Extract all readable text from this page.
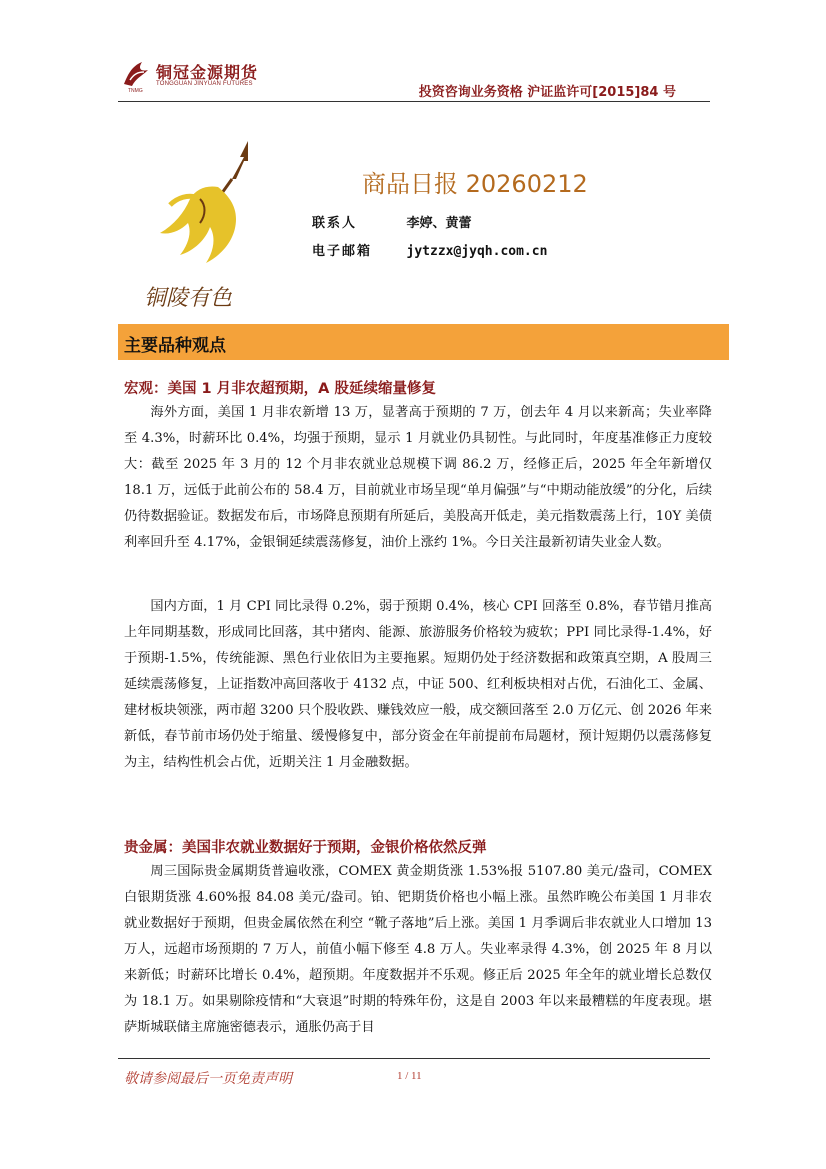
铜冠金源期货
TONGGUAN JINYUAN FUTURES
TNMG	投资咨询业务资格 沪证监许可[2015]84 号
铜陵有色
商品日报 20260212
联系人	李婷、黄蕾
电子邮箱	jytzzx@jyqh.com.cn
主要品种观点
宏观：美国 1 月非农超预期，A 股延续缩量修复

海外方面，美国 1 月非农新增 13 万，显著高于预期的 7 万，创去年 4 月以来新高；失业率降至 4.3%，时薪环比 0.4%，均强于预期，显示 1 月就业仍具韧性。与此同时，年度基准修正力度较大：截至 2025 年 3 月的 12 个月非农就业总规模下调 86.2 万，经修正后，2025 年全年新增仅 18.1 万，远低于此前公布的 58.4 万，目前就业市场呈现“单月偏强”与“中期动能放缓”的分化，后续仍待数据验证。数据发布后，市场降息预期有所延后，美股高开低走，美元指数震荡上行，10Y 美债利率回升至 4.17%，金银铜延续震荡修复，油价上涨约 1%。今日关注最新初请失业金人数。

国内方面，1 月 CPI 同比录得 0.2%，弱于预期 0.4%，核心 CPI 回落至 0.8%，春节错月推高上年同期基数，形成同比回落，其中猪肉、能源、旅游服务价格较为疲软；PPI 同比录得-1.4%，好于预期-1.5%，传统能源、黑色行业依旧为主要拖累。短期仍处于经济数据和政策真空期，A 股周三延续震荡修复，上证指数冲高回落收于 4132 点，中证 500、红利板块相对占优，石油化工、金属、建材板块领涨，两市超 3200 只个股收跌、赚钱效应一般，成交额回落至 2.0 万亿元、创 2026 年来新低，春节前市场仍处于缩量、缓慢修复中，部分资金在年前提前布局题材，预计短期仍以震荡修复为主，结构性机会占优，近期关注 1 月金融数据。

贵金属：美国非农就业数据好于预期，金银价格依然反弹

周三国际贵金属期货普遍收涨，COMEX 黄金期货涨 1.53%报 5107.80 美元/盎司，COMEX 白银期货涨 4.60%报 84.08 美元/盎司。铂、钯期货价格也小幅上涨。虽然昨晚公布美国 1 月非农就业数据好于预期，但贵金属依然在利空 “靴子落地”后上涨。美国 1 月季调后非农就业人口增加 13 万人，远超市场预期的 7 万人，前值小幅下修至 4.8 万人。失业率录得 4.3%，创 2025 年 8 月以来新低；时薪环比增长 0.4%，超预期。年度数据并不乐观。修正后 2025 年全年的就业增长总数仅为 18.1 万。如果剔除疫情和“大衰退”时期的特殊年份，这是自 2003 年以来最糟糕的年度表现。堪萨斯城联储主席施密德表示，通胀仍高于目

敬请参阅最后一页免责声明	1 / 11
